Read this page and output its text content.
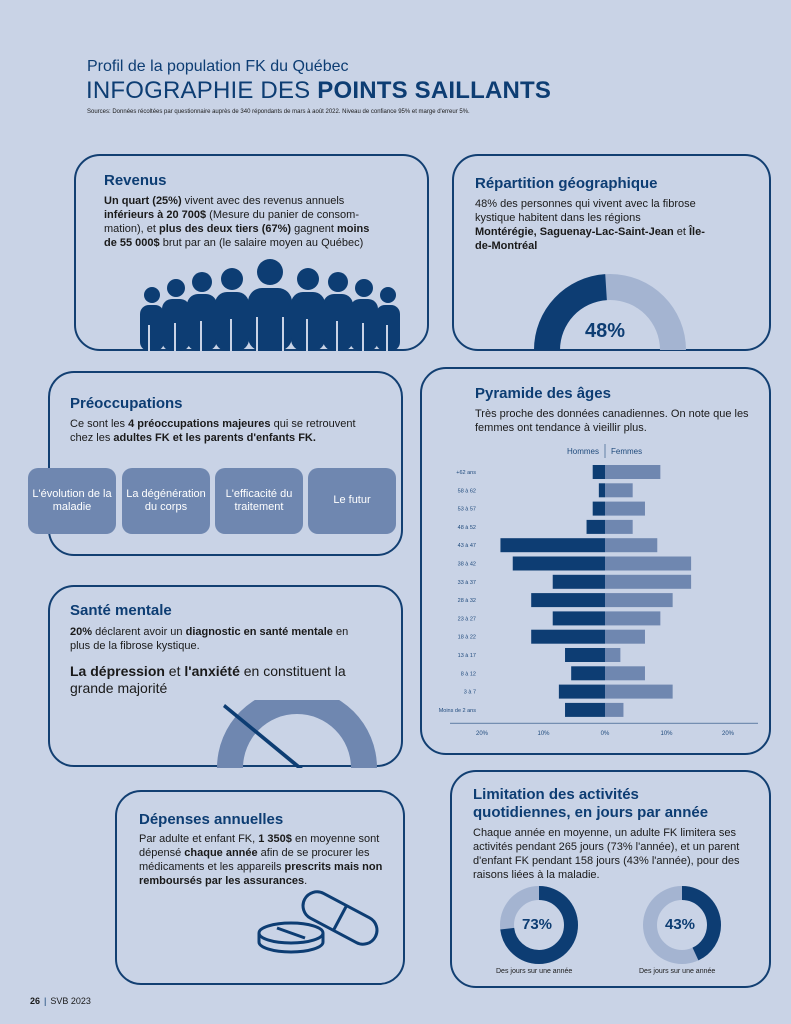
Profil de la population FK du Québec
INFOGRAPHIE DES POINTS SAILLANTS
Sources: Données récoltées par questionnaire auprès de 340 répondants de mars à août 2022. Niveau de confiance 95% et marge d'erreur 5%.
Revenus
Un quart (25%) vivent avec des revenus annuels inférieurs à 20 700$ (Mesure du panier de consom- mation), et plus des deux tiers (67%) gagnent moins de 55 000$ brut par an (le salaire moyen au Québec)
Répartition géographique
48% des personnes qui vivent avec la fibrose kystique habitent dans les régions Montérégie, Saguenay-Lac-Saint-Jean et Île-de-Montréal
48%
Préoccupations
Ce sont les 4 préoccupations majeures qui se retrouvent chez les adultes FK et les parents d'enfants FK.
L'évolution de la maladie
La dégénération du corps
L'efficacité du traitement
Le futur
Pyramide des âges
Très proche des données canadiennes. On note que les femmes ont tendance à vieillir plus.
Hommes Femmes
+62 ans
58 à 62
53 à 57
48 à 52
43 à 47
38 à 42
33 à 37
28 à 32
23 à 27
18 à 22
13 à 17
8 à 12
3 à 7
Moins de 2 ans
20%	10%	0%	10%	20%
Santé mentale
20% déclarent avoir un diagnostic en santé mentale en plus de la fibrose kystique.
La dépression et l'anxiété en constituent la grande majorité
Dépenses annuelles
Par adulte et enfant FK, 1 350$ en moyenne sont dépensé chaque année afin de se procurer les médicaments et les appareils prescrits mais non remboursés par les assurances.
Limitation des activités
quotidiennes, en jours par année
Chaque année en moyenne, un adulte FK limitera ses activités pendant 265 jours (73% l'année), et un parent d'enfant FK pendant 158 jours (43% l'année), pour des raisons liées à la maladie.
73%
Des jours sur une année
43%
Des jours sur une année
26 | SVB 2023
